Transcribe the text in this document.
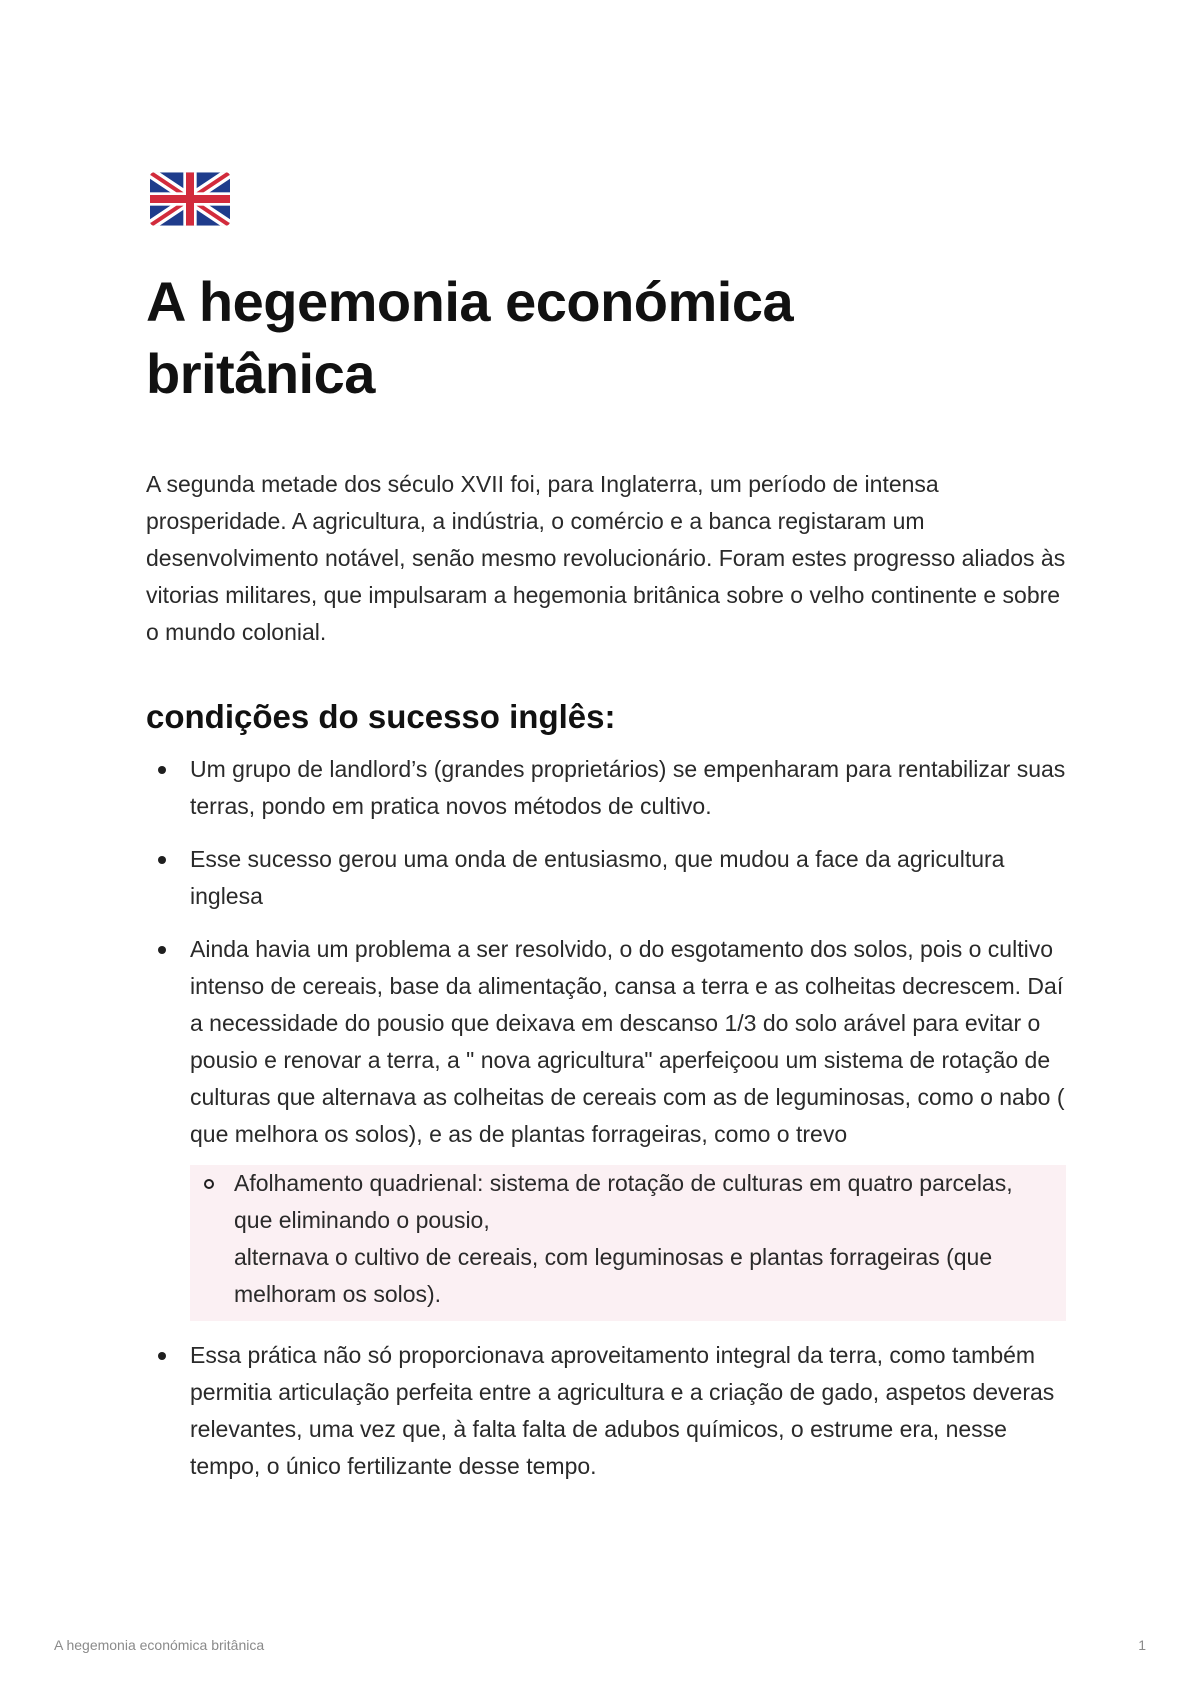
A hegemonia económica britânica

A segunda metade dos século XVII foi, para Inglaterra, um período de intensa prosperidade. A agricultura, a indústria, o comércio e a banca registaram um desenvolvimento notável, senão mesmo revolucionário. Foram estes progresso aliados às vitorias militares, que impulsaram a hegemonia britânica sobre o velho continente e sobre o mundo colonial.

condições do sucesso inglês:
Um grupo de landlord’s (grandes proprietários) se empenharam para rentabilizar suas terras, pondo em pratica novos métodos de cultivo.
Esse sucesso gerou uma onda de entusiasmo, que mudou a face da agricultura inglesa
Ainda havia um problema a ser resolvido, o do esgotamento dos solos, pois o cultivo intenso de cereais, base da alimentação, cansa a terra e as colheitas decrescem. Daí a necessidade do pousio que deixava em descanso 1/3 do solo arável para evitar o pousio e renovar a terra, a " nova agricultura" aperfeiçoou um sistema de rotação de culturas que alternava as colheitas de cereais com as de leguminosas, como o nabo ( que melhora os solos), e as de plantas forrageiras, como o trevo
Afolhamento quadrienal: sistema de rotação de culturas em quatro parcelas, que eliminando o pousio,
alternava o cultivo de cereais, com leguminosas e plantas forrageiras (que melhoram os solos).
Essa prática não só proporcionava aproveitamento integral da terra, como também permitia articulação perfeita entre a agricultura e a criação de gado, aspetos deveras relevantes, uma vez que, à falta falta de adubos químicos, o estrume era, nesse tempo, o único fertilizante desse tempo.
A hegemonia económica britânica	1
